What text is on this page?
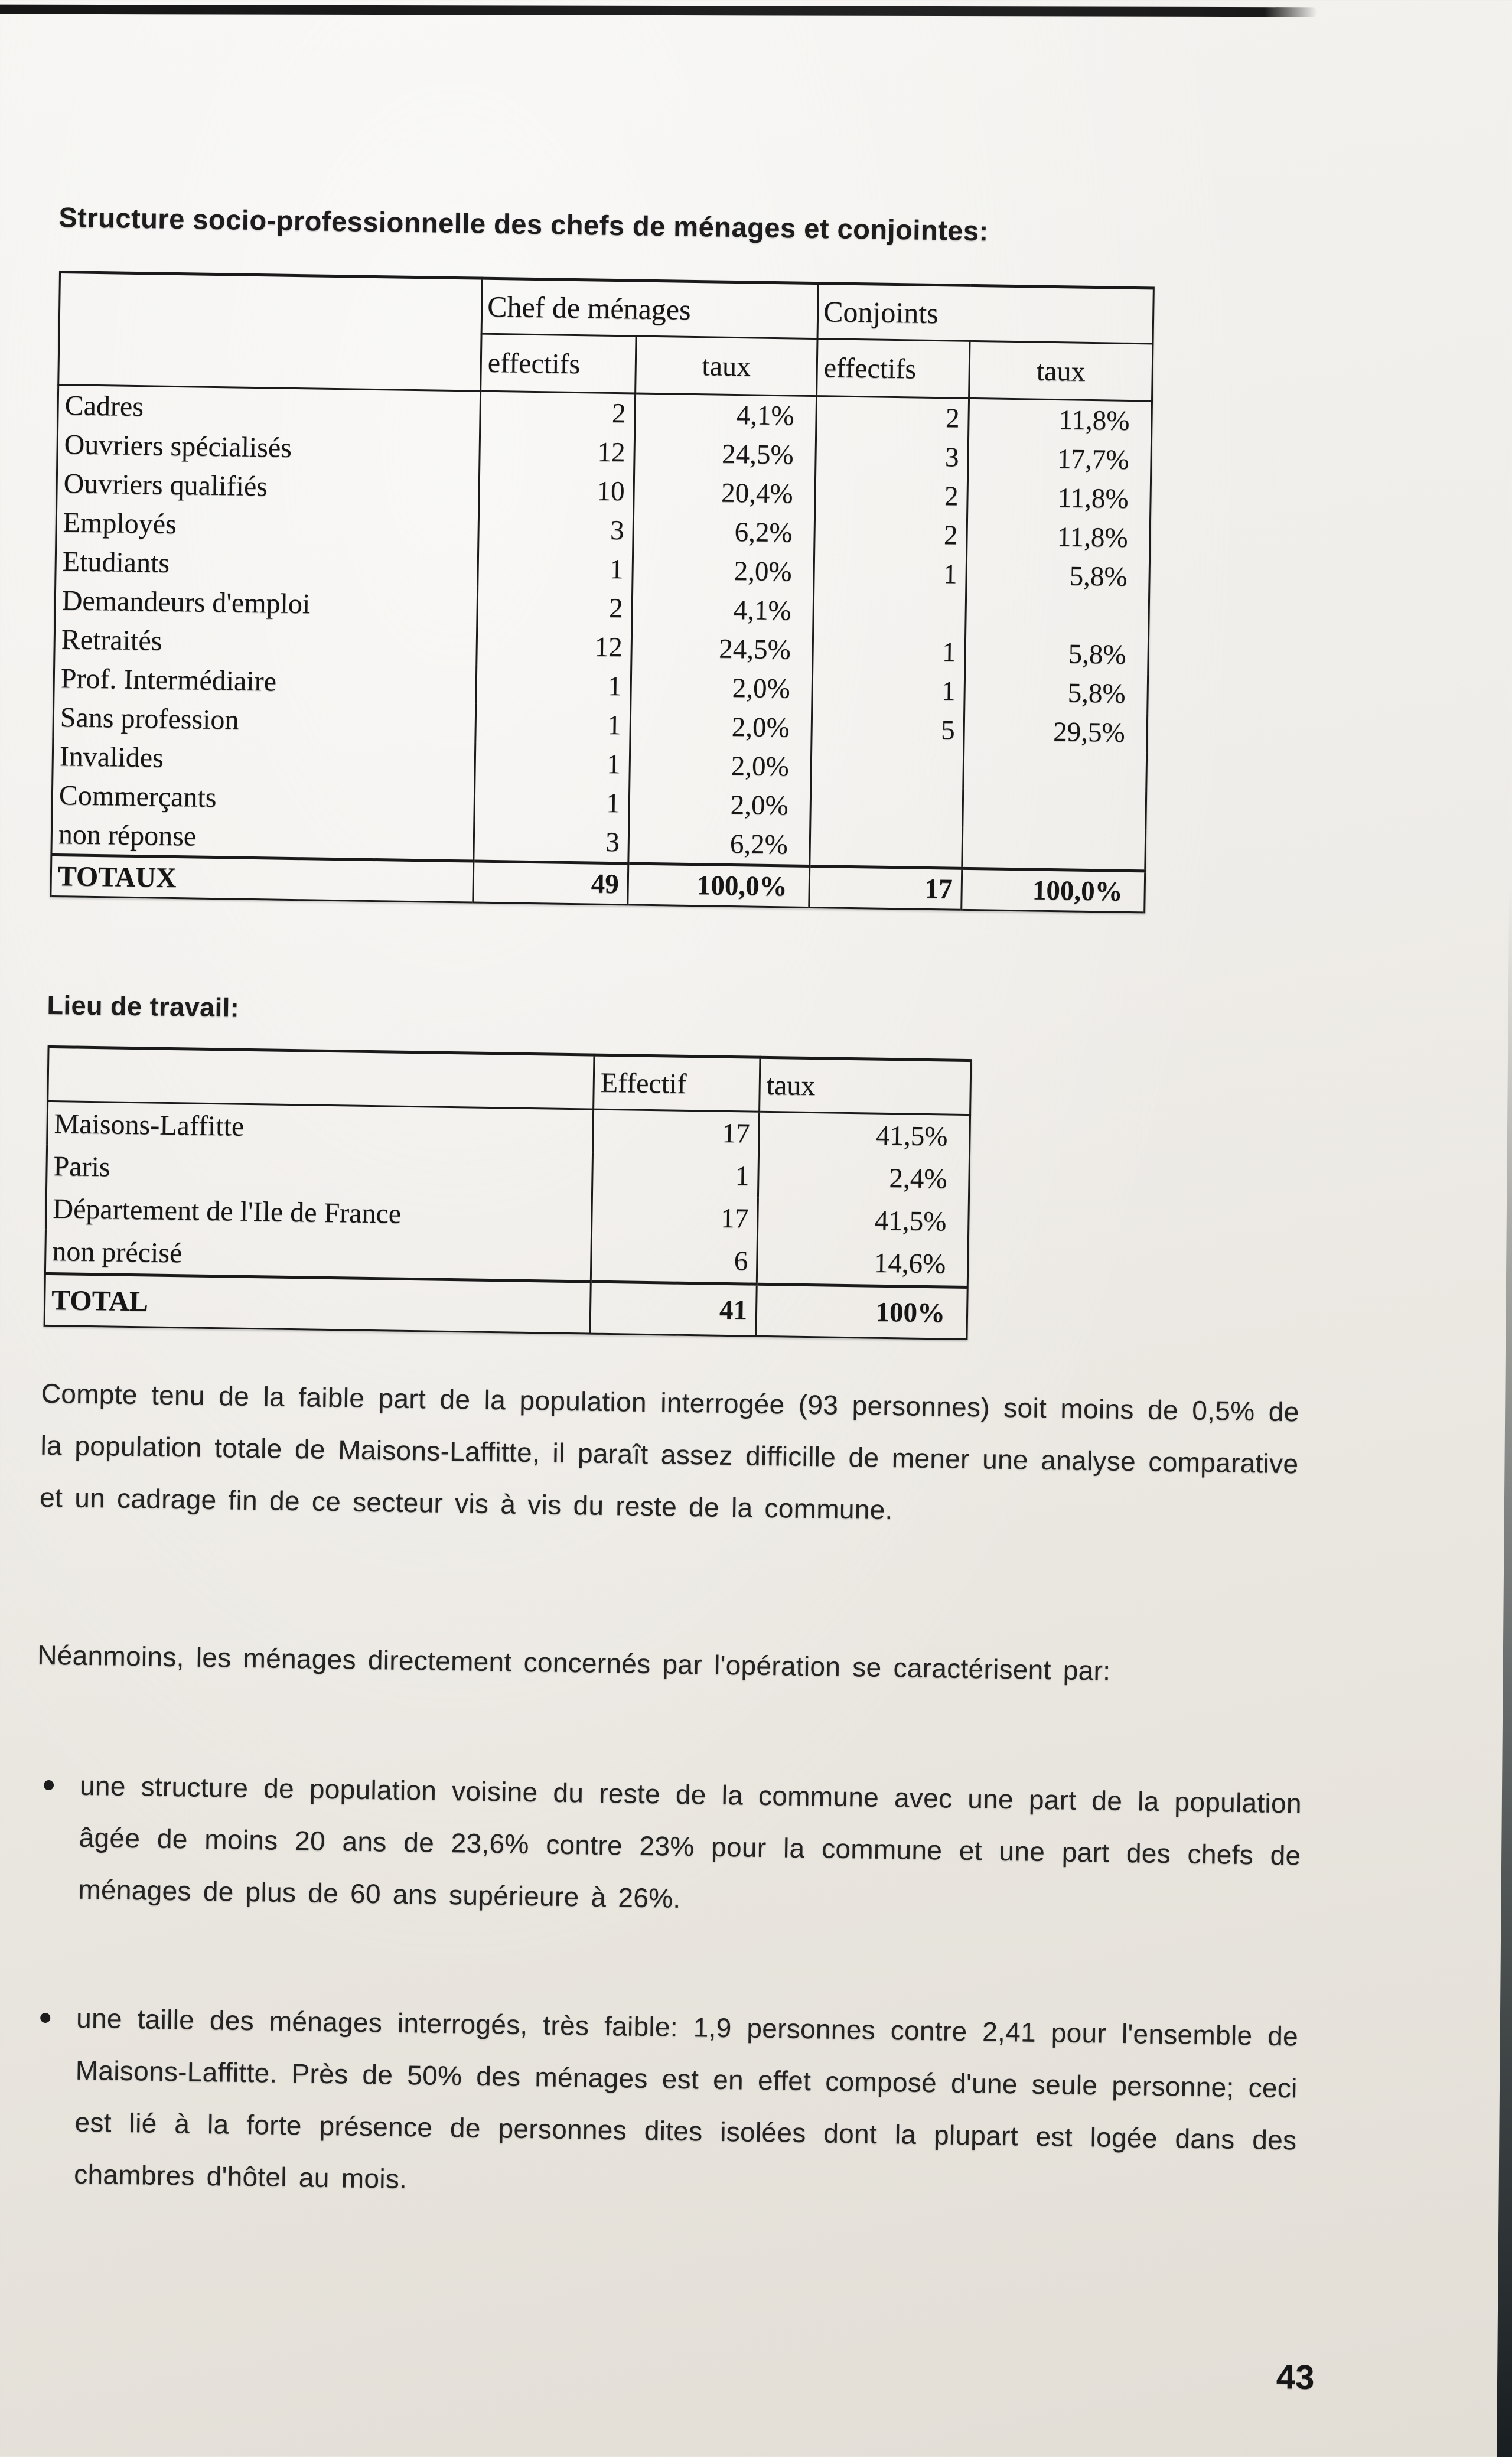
Structure socio-professionnelle des chefs de ménages et conjointes:
	Chef de ménages		Conjoints	
	effectifs	taux	effectifs	taux
Cadres	2	4,1%	2	11,8%
Ouvriers spécialisés	12	24,5%	3	17,7%
Ouvriers qualifiés	10	20,4%	2	11,8%
Employés	3	6,2%	2	11,8%
Etudiants	1	2,0%	1	5,8%
Demandeurs d'emploi	2	4,1%		
Retraités	12	24,5%	1	5,8%
Prof. Intermédiaire	1	2,0%	1	5,8%
Sans profession	1	2,0%	5	29,5%
Invalides	1	2,0%		
Commerçants	1	2,0%		
non réponse	3	6,2%		
TOTAUX	49	100,0%	17	100,0%
Lieu de travail:
	Effectif	taux
Maisons-Laffitte	17	41,5%
Paris	1	2,4%
Département de l'Ile de France	17	41,5%
non précisé	6	14,6%
TOTAL	41	100%
Compte tenu de la faible part de la population interrogée (93 personnes) soit moins de 0,5% de la population totale de Maisons-Laffitte, il paraît assez difficille de mener une analyse comparative et un cadrage fin de ce secteur vis à vis du reste de la commune.
Néanmoins, les ménages directement concernés par l'opération se caractérisent par:
une structure de population voisine du reste de la commune avec une part de la population âgée de moins 20 ans de 23,6% contre 23% pour la commune et une part des chefs de ménages de plus de 60 ans supérieure à 26%.
une taille des ménages interrogés, très faible: 1,9 personnes contre 2,41 pour l'ensemble de Maisons-Laffitte. Près de 50% des ménages est en effet composé d'une seule personne; ceci est lié à la forte présence de personnes dites isolées dont la plupart est logée dans des chambres d'hôtel au mois.
43
